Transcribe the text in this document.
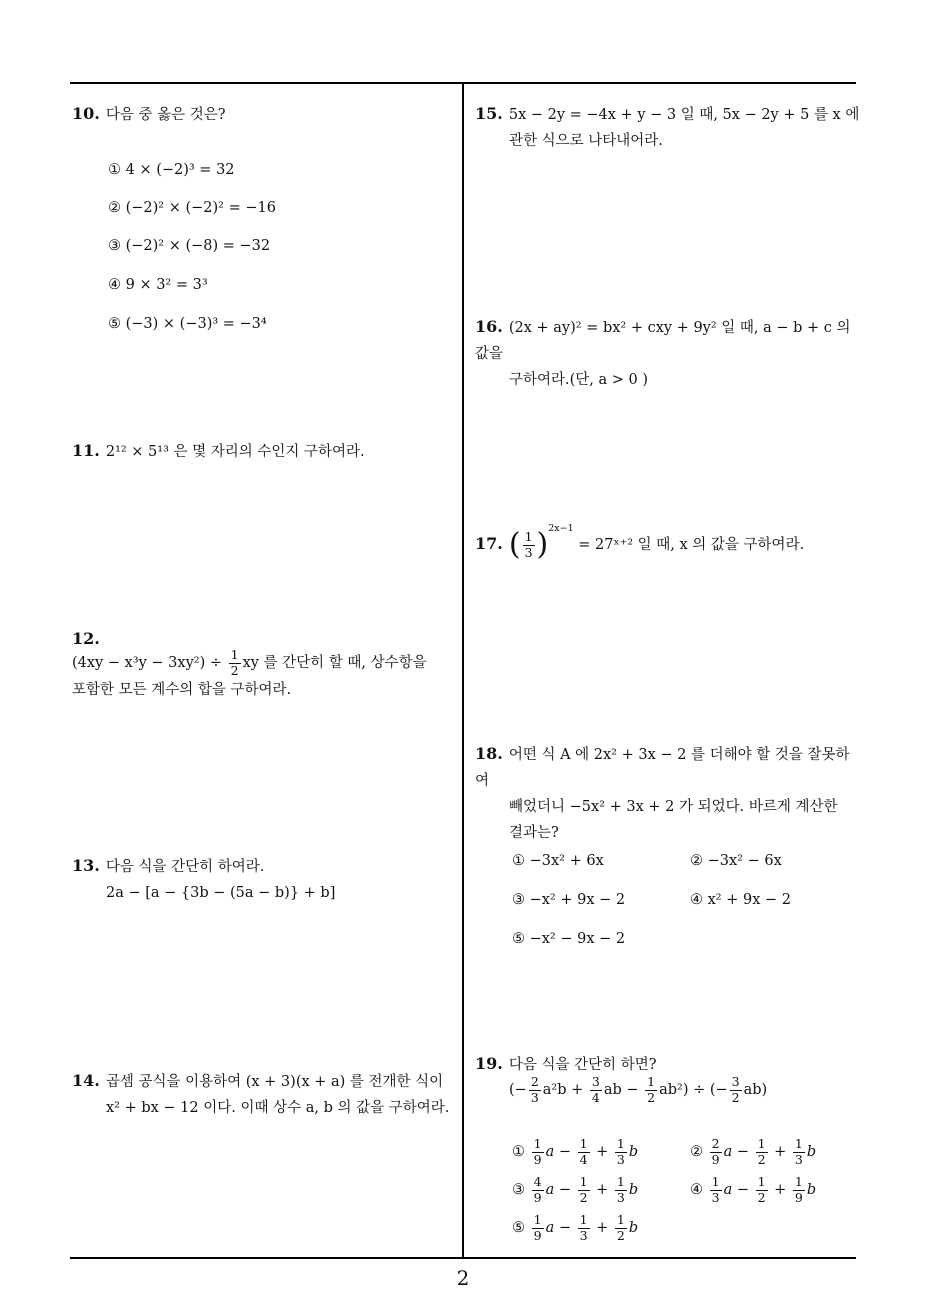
10. 다음 중 옳은 것은?
① 4 × (−2)³ = 32
② (−2)² × (−2)² = −16
③ (−2)² × (−8) = −32
④ 9 × 3² = 3³
⑤ (−3) × (−3)³ = −3⁴
11. 2¹² × 5¹³ 은 몇 자리의 수인지 구하여라.
12.
$(4xy - x^3y - 3xy^2) \div \frac{1}{2}$ xy 를 간단히 할 때, 상수항을
포함한 모든 계수의 합을 구하여라.
13. 다음 식을 간단히 하여라.
2a − [a − {3b − (5a − b)} + b]
14. 곱셈 공식을 이용하여 (x + 3)(x + a) 를 전개한 식이
x² + bx − 12 이다. 이때 상수 a, b 의 값을 구하여라.
15. 5x − 2y = −4x + y − 3 일 때, 5x − 2y + 5 를 x 에
관한 식으로 나타내어라.
16. (2x + ay)² = bx² + cxy + 9y² 일 때, a − b + c 의 값을
구하여라.(단, a > 0 )
17. ( $\frac{1}{3} )^{2x-1}$ = 27ˣ⁺² 일 때, x 의 값을 구하여라.
18. 어떤 식 A 에 2x² + 3x − 2 를 더해야 할 것을 잘못하여
빼었더니 −5x² + 3x + 2 가 되었다. 바르게 계산한
결과는?
① −3x² + 6x	② −3x² − 6x
③ −x² + 9x − 2	④ x² + 9x − 2
⑤ −x² − 9x − 2
19. 다음 식을 간단히 하면?
(− $\frac{2}{3} a^2b + \frac{3}{4}$ ab − $\frac{1}{2} ab^2$) ÷ (− $\frac{3}{2} ab$)
① $\frac{1}{9}$ $a - \frac{1}{4} + \frac{1}{3}$ b	② $\frac{2}{9}$ $a - \frac{1}{2} + \frac{1}{3}$ b
③ $\frac{4}{9}$ $a - \frac{1}{2} + \frac{1}{3}$ b	④ $\frac{1}{3}$ $a - \frac{1}{2} + \frac{1}{9}$ b
⑤ $\frac{1}{9}$ $a - \frac{1}{3} + \frac{1}{2}$ b
2
